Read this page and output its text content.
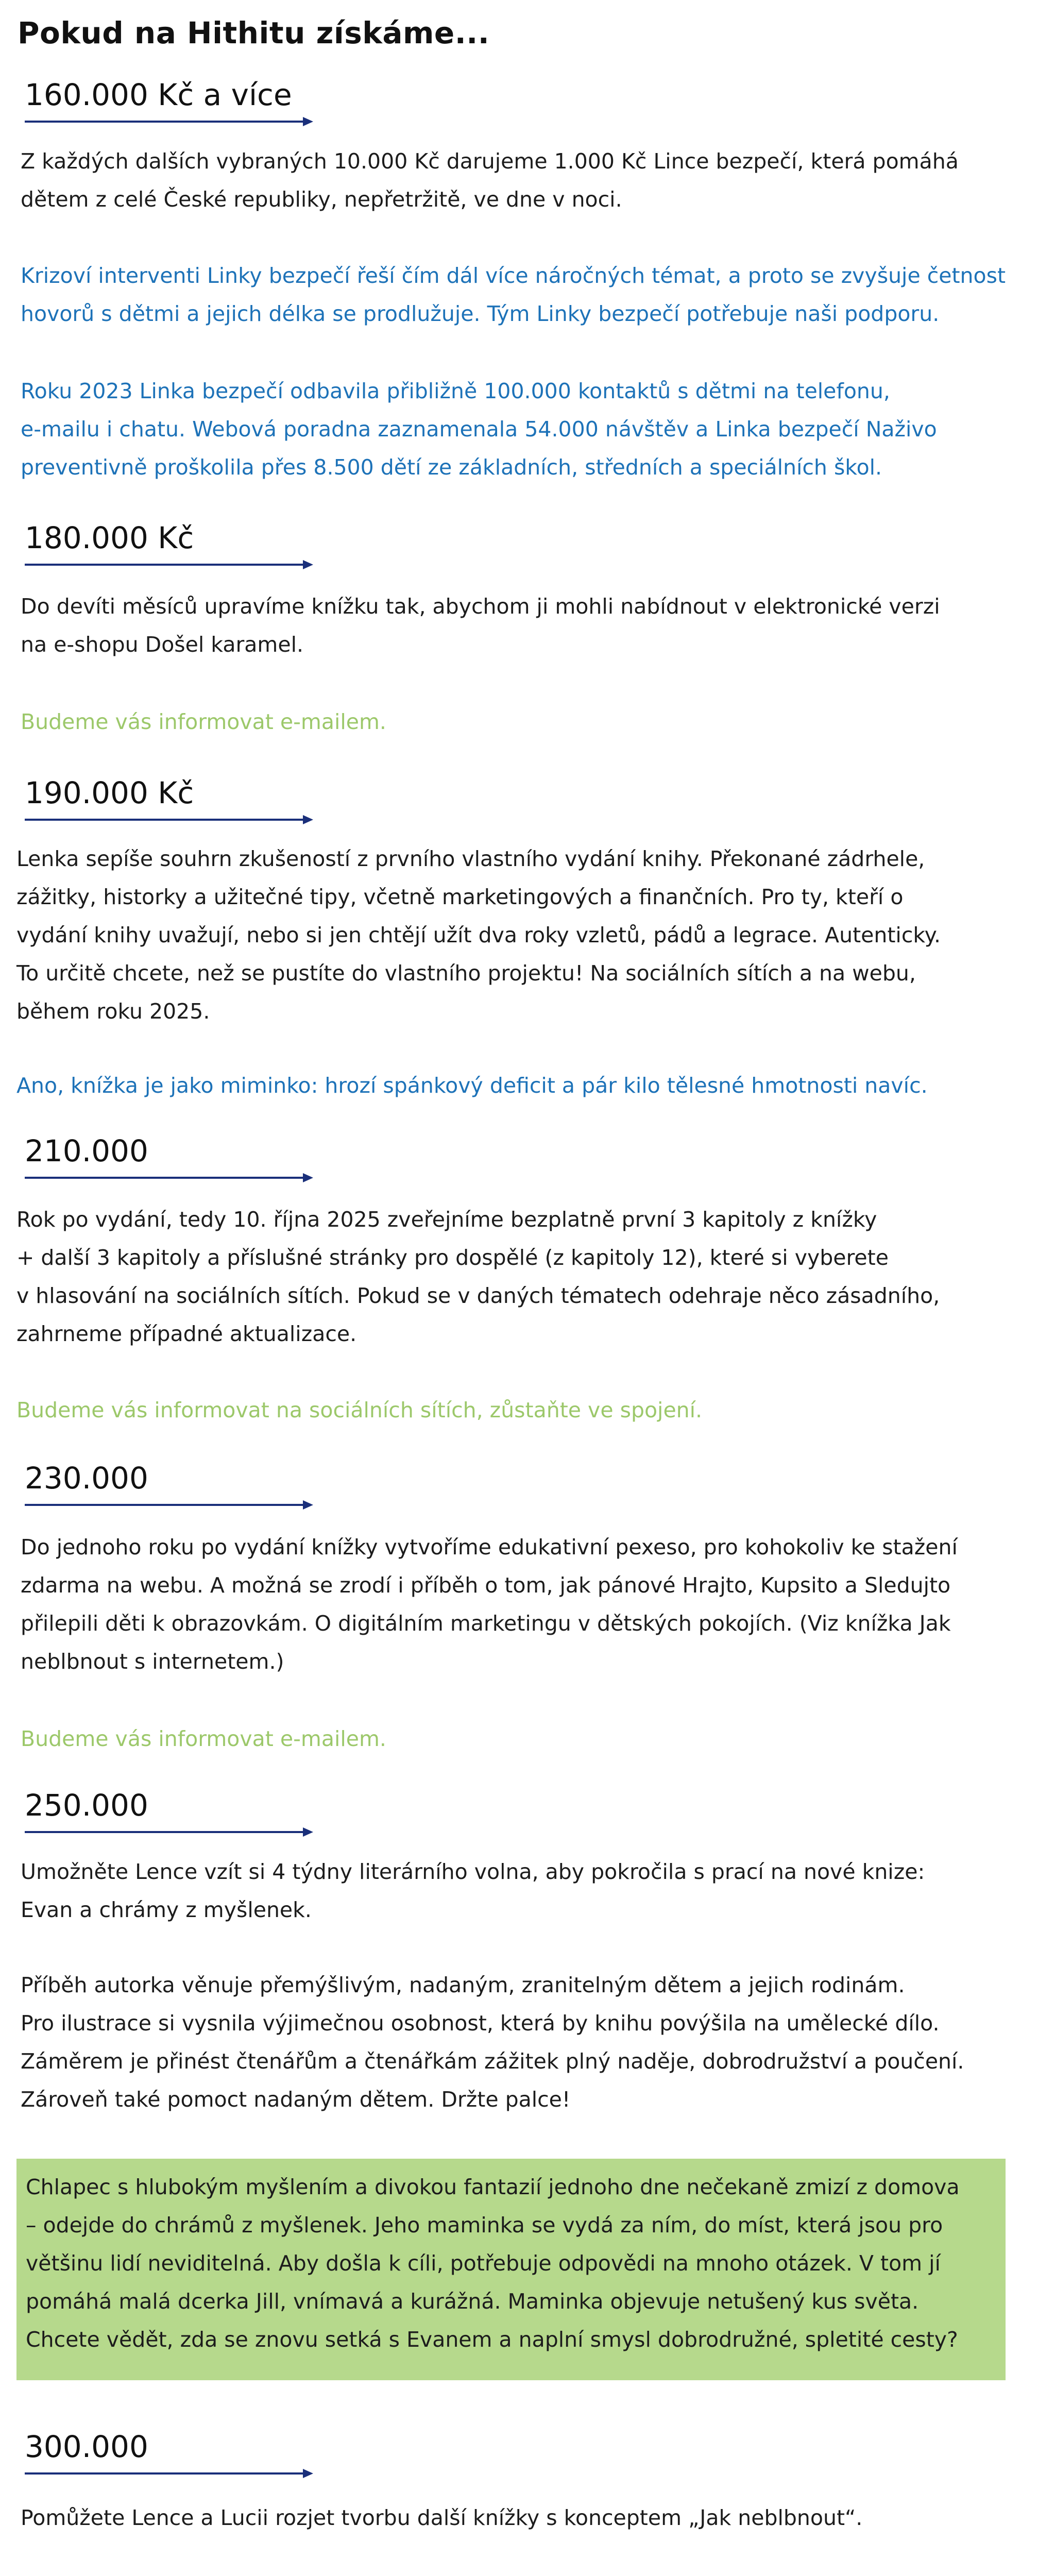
Pokud na Hithitu získáme...
160.000 Kč a více
Z každých dalších vybraných 10.000 Kč darujeme 1.000 Kč Lince bezpečí, která pomáhá
dětem z celé České republiky, nepřetržitě, ve dne v noci.
Krizoví interventi Linky bezpečí řeší čím dál více náročných témat, a proto se zvyšuje četnost
hovorů s dětmi a jejich délka se prodlužuje. Tým Linky bezpečí potřebuje naši podporu.
Roku 2023 Linka bezpečí odbavila přibližně 100.000 kontaktů s dětmi na telefonu,
e-mailu i chatu. Webová poradna zaznamenala 54.000 návštěv a Linka bezpečí Naživo
preventivně proškolila přes 8.500 dětí ze základních, středních a speciálních škol.
180.000 Kč
Do devíti měsíců upravíme knížku tak, abychom ji mohli nabídnout v elektronické verzi
na e-shopu Došel karamel.
Budeme vás informovat e-mailem.
190.000 Kč
Lenka sepíše souhrn zkušeností z prvního vlastního vydání knihy. Překonané zádrhele,
zážitky, historky a užitečné tipy, včetně marketingových a finančních. Pro ty, kteří o
vydání knihy uvažují, nebo si jen chtějí užít dva roky vzletů, pádů a legrace. Autenticky.
To určitě chcete, než se pustíte do vlastního projektu! Na sociálních sítích a na webu,
během roku 2025.
Ano, knížka je jako miminko: hrozí spánkový deficit a pár kilo tělesné hmotnosti navíc.
210.000
Rok po vydání, tedy 10. října 2025 zveřejníme bezplatně první 3 kapitoly z knížky
+ další 3 kapitoly a příslušné stránky pro dospělé (z kapitoly 12), které si vyberete
v hlasování na sociálních sítích. Pokud se v daných tématech odehraje něco zásadního,
zahrneme případné aktualizace.
Budeme vás informovat na sociálních sítích, zůstaňte ve spojení.
230.000
Do jednoho roku po vydání knížky vytvoříme edukativní pexeso, pro kohokoliv ke stažení
zdarma na webu. A možná se zrodí i příběh o tom, jak pánové Hrajto, Kupsito a Sledujto
přilepili děti k obrazovkám. O digitálním marketingu v dětských pokojích. (Viz knížka Jak
neblbnout s internetem.)
Budeme vás informovat e-mailem.
250.000
Umožněte Lence vzít si 4 týdny literárního volna, aby pokročila s prací na nové knize:
Evan a chrámy z myšlenek.
Příběh autorka věnuje přemýšlivým, nadaným, zranitelným dětem a jejich rodinám.
Pro ilustrace si vysnila výjimečnou osobnost, která by knihu povýšila na umělecké dílo.
Záměrem je přinést čtenářům a čtenářkám zážitek plný naděje, dobrodružství a poučení.
Zároveň také pomoct nadaným dětem. Držte palce!
Chlapec s hlubokým myšlením a divokou fantazií jednoho dne nečekaně zmizí z domova
– odejde do chrámů z myšlenek. Jeho maminka se vydá za ním, do míst, která jsou pro
většinu lidí neviditelná. Aby došla k cíli, potřebuje odpovědi na mnoho otázek. V tom jí
pomáhá malá dcerka Jill, vnímavá a kurážná. Maminka objevuje netušený kus světa.
Chcete vědět, zda se znovu setká s Evanem a naplní smysl dobrodružné, spletité cesty?
300.000
Pomůžete Lence a Lucii rozjet tvorbu další knížky s konceptem „Jak neblbnout“.
